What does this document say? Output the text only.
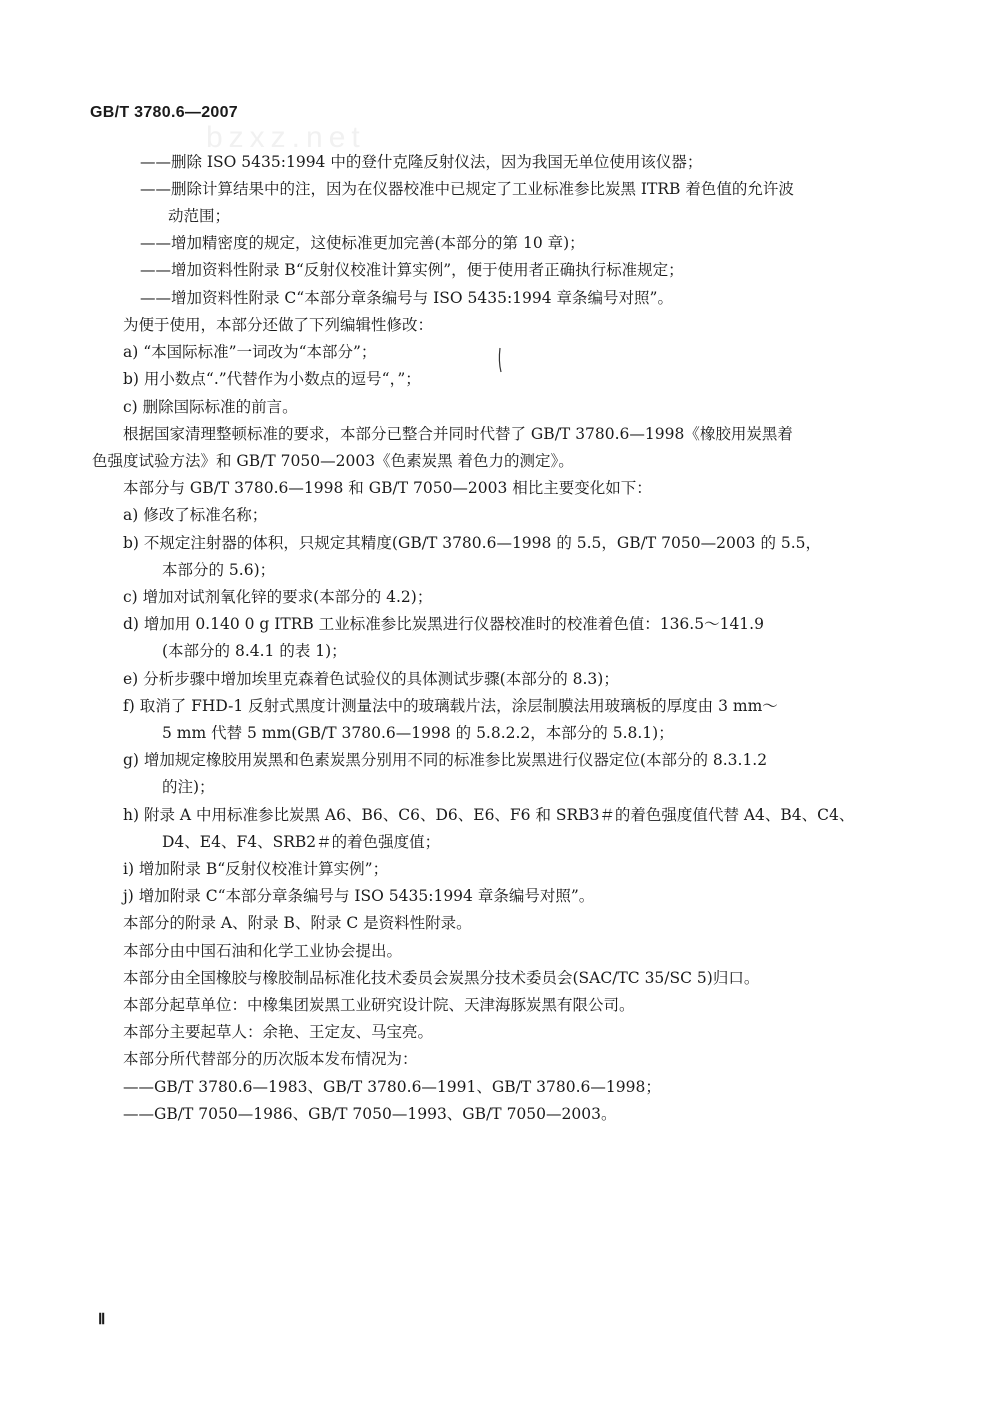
bzxz.net
GB/T 3780.6—2007
——删除 ISO 5435:1994 中的登什克隆反射仪法，因为我国无单位使用该仪器；
——删除计算结果中的注，因为在仪器校准中已规定了工业标准参比炭黑 ITRB 着色值的允许波
动范围；
——增加精密度的规定，这使标准更加完善(本部分的第 10 章)；
——增加资料性附录 B“反射仪校准计算实例”，便于使用者正确执行标准规定；
——增加资料性附录 C“本部分章条编号与 ISO 5435:1994 章条编号对照”。
为便于使用，本部分还做了下列编辑性修改：
a) “本国际标准”一词改为“本部分”；
b) 用小数点“.”代替作为小数点的逗号“，”；
c) 删除国际标准的前言。
根据国家清理整顿标准的要求，本部分已整合并同时代替了 GB/T 3780.6—1998《橡胶用炭黑着
色强度试验方法》和 GB/T 7050—2003《色素炭黑 着色力的测定》。
本部分与 GB/T 3780.6—1998 和 GB/T 7050—2003 相比主要变化如下：
a) 修改了标准名称；
b) 不规定注射器的体积，只规定其精度(GB/T 3780.6—1998 的 5.5，GB/T 7050—2003 的 5.5，
本部分的 5.6)；
c) 增加对试剂氧化锌的要求(本部分的 4.2)；
d) 增加用 0.140 0 g ITRB 工业标准参比炭黑进行仪器校准时的校准着色值：136.5～141.9
(本部分的 8.4.1 的表 1)；
e) 分析步骤中增加埃里克森着色试验仪的具体测试步骤(本部分的 8.3)；
f) 取消了 FHD-1 反射式黑度计测量法中的玻璃载片法，涂层制膜法用玻璃板的厚度由 3 mm～
5 mm 代替 5 mm(GB/T 3780.6—1998 的 5.8.2.2，本部分的 5.8.1)；
g) 增加规定橡胶用炭黑和色素炭黑分别用不同的标准参比炭黑进行仪器定位(本部分的 8.3.1.2
的注)；
h) 附录 A 中用标准参比炭黑 A6、B6、C6、D6、E6、F6 和 SRB3＃的着色强度值代替 A4、B4、C4、
D4、E4、F4、SRB2＃的着色强度值；
i) 增加附录 B“反射仪校准计算实例”；
j) 增加附录 C“本部分章条编号与 ISO 5435:1994 章条编号对照”。
本部分的附录 A、附录 B、附录 C 是资料性附录。
本部分由中国石油和化学工业协会提出。
本部分由全国橡胶与橡胶制品标准化技术委员会炭黑分技术委员会(SAC/TC 35/SC 5)归口。
本部分起草单位：中橡集团炭黑工业研究设计院、天津海豚炭黑有限公司。
本部分主要起草人：余艳、王定友、马宝亮。
本部分所代替部分的历次版本发布情况为：
——GB/T 3780.6—1983、GB/T 3780.6—1991、GB/T 3780.6—1998；
——GB/T 7050—1986、GB/T 7050—1993、GB/T 7050—2003。
Ⅱ
